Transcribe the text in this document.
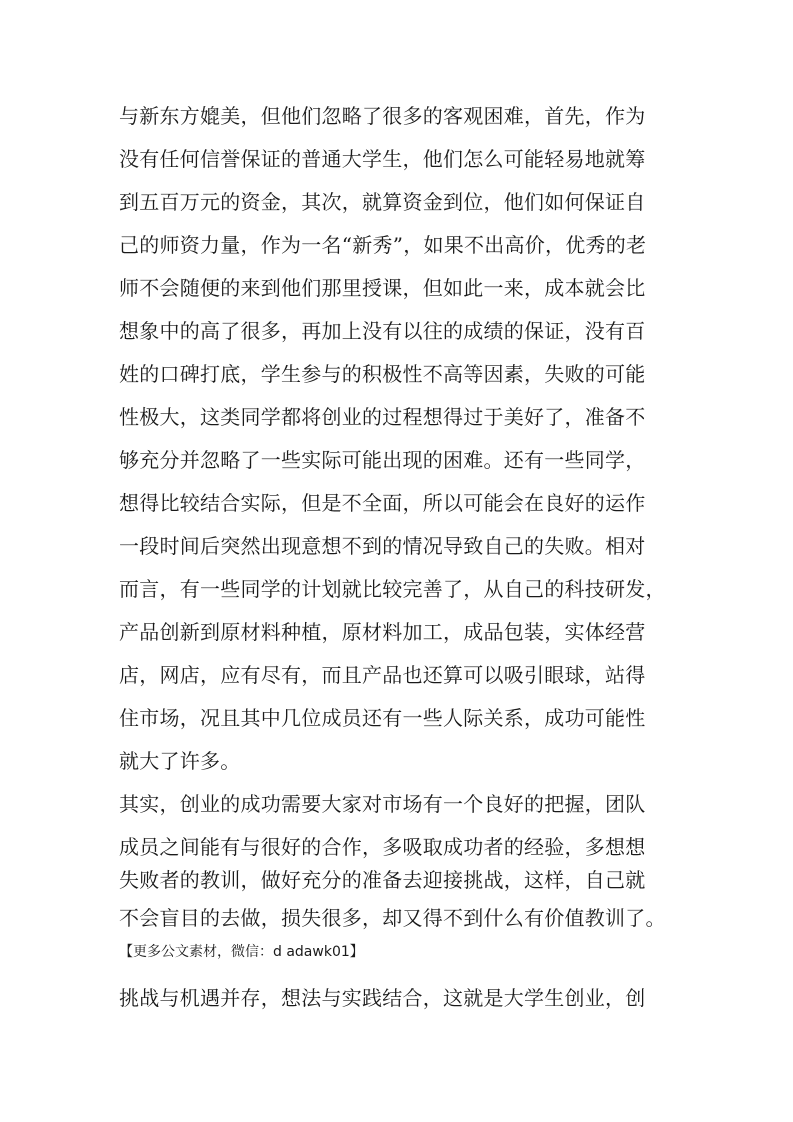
与新东方媲美，但他们忽略了很多的客观困难，首先，作为
没有任何信誉保证的普通大学生，他们怎么可能轻易地就筹
到五百万元的资金，其次，就算资金到位，他们如何保证自
己的师资力量，作为一名“新秀”，如果不出高价，优秀的老
师不会随便的来到他们那里授课，但如此一来，成本就会比
想象中的高了很多，再加上没有以往的成绩的保证，没有百
姓的口碑打底，学生参与的积极性不高等因素，失败的可能
性极大，这类同学都将创业的过程想得过于美好了，准备不
够充分并忽略了一些实际可能出现的困难。还有一些同学，
想得比较结合实际，但是不全面，所以可能会在良好的运作
一段时间后突然出现意想不到的情况导致自己的失败。相对
而言，有一些同学的计划就比较完善了，从自己的科技研发，
产品创新到原材料种植，原材料加工，成品包装，实体经营
店，网店，应有尽有，而且产品也还算可以吸引眼球，站得
住市场，况且其中几位成员还有一些人际关系，成功可能性
就大了许多。
其实，创业的成功需要大家对市场有一个良好的把握，团队
成员之间能有与很好的合作，多吸取成功者的经验，多想想
失败者的教训，做好充分的准备去迎接挑战，这样，自己就
不会盲目的去做，损失很多，却又得不到什么有价值教训了。
【更多公文素材，微信：d adawk01】
挑战与机遇并存，想法与实践结合，这就是大学生创业，创
